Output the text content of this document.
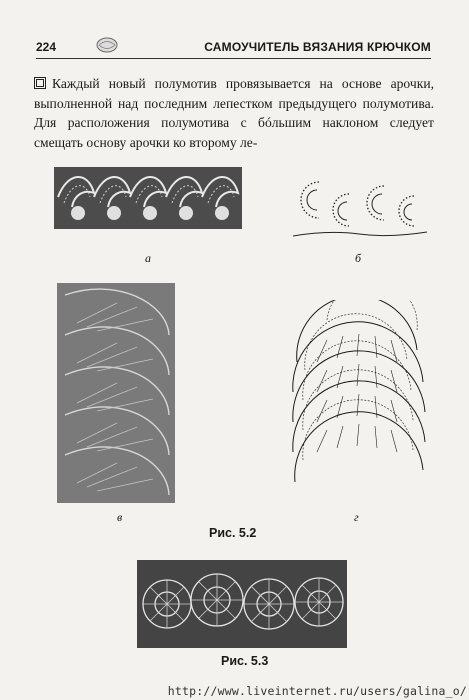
224	САМОУЧИТЕЛЬ ВЯЗАНИЯ КРЮЧКОМ
Каждый новый полумотив провязывается на основе арочки, выполненной над последним лепестком предыдущего полумотива. Для расположения полумотива с бóльшим наклоном следует смещать основу арочки ко второму ле-
а	б
в	г
Рис. 5.2
Рис. 5.3
http://www.liveinternet.ru/users/galina_o/
